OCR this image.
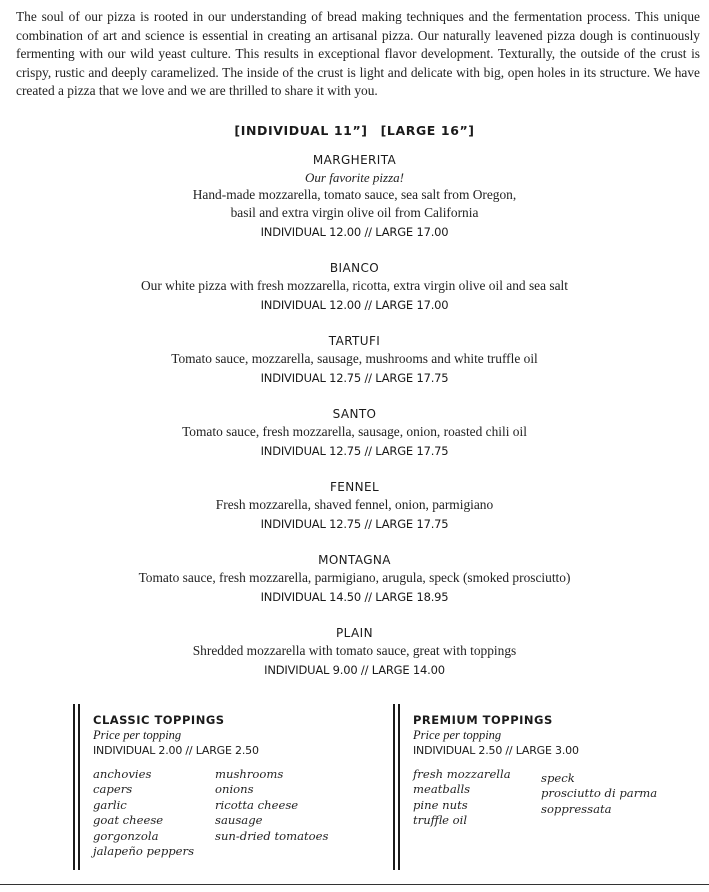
The soul of our pizza is rooted in our understanding of bread making techniques and the fermentation process. This unique combination of art and science is essential in creating an artisanal pizza. Our naturally leavened pizza dough is continuously fermenting with our wild yeast culture. This results in exceptional flavor development. Texturally, the outside of the crust is crispy, rustic and deeply caramelized. The inside of the crust is light and delicate with big, open holes in its structure. We have created a pizza that we love and we are thrilled to share it with you.

[INDIVIDUAL 11”] [LARGE 16”]
MARGHERITA
Our favorite pizza!
Hand-made mozzarella, tomato sauce, sea salt from Oregon,
basil and extra virgin olive oil from California
INDIVIDUAL 12.00 // LARGE 17.00
BIANCO
Our white pizza with fresh mozzarella, ricotta, extra virgin olive oil and sea salt
INDIVIDUAL 12.00 // LARGE 17.00
TARTUFI
Tomato sauce, mozzarella, sausage, mushrooms and white truffle oil
INDIVIDUAL 12.75 // LARGE 17.75
SANTO
Tomato sauce, fresh mozzarella, sausage, onion, roasted chili oil
INDIVIDUAL 12.75 // LARGE 17.75
FENNEL
Fresh mozzarella, shaved fennel, onion, parmigiano
INDIVIDUAL 12.75 // LARGE 17.75
MONTAGNA
Tomato sauce, fresh mozzarella, parmigiano, arugula, speck (smoked prosciutto)
INDIVIDUAL 14.50 // LARGE 18.95
PLAIN
Shredded mozzarella with tomato sauce, great with toppings
INDIVIDUAL 9.00 // LARGE 14.00
CLASSIC TOPPINGS
Price per topping
INDIVIDUAL 2.00 // LARGE 2.50
anchovies
capers
garlic
goat cheese
gorgonzola
jalapeño peppers
mushrooms
onions
ricotta cheese
sausage
sun-dried tomatoes
PREMIUM TOPPINGS
Price per topping
INDIVIDUAL 2.50 // LARGE 3.00
fresh mozzarella
meatballs
pine nuts
truffle oil
speck
prosciutto di parma
soppressata
